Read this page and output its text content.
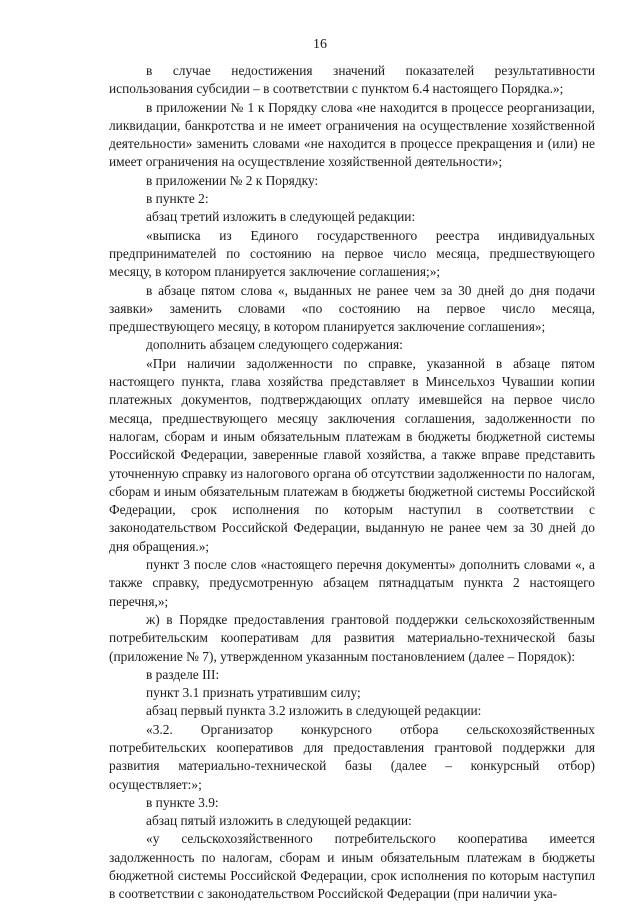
16

в случае недостижения значений показателей результативности использования субсидии – в соответствии с пунктом 6.4 настоящего Порядка.»;

в приложении № 1 к Порядку слова «не находится в процессе реорганизации, ликвидации, банкротства и не имеет ограничения на осуществление хозяйственной деятельности» заменить словами «не находится в процессе прекращения и (или) не имеет ограничения на осуществление хозяйственной деятельности»;

в приложении № 2 к Порядку:

в пункте 2:

абзац третий изложить в следующей редакции:

«выписка из Единого государственного реестра индивидуальных предпринимателей по состоянию на первое число месяца, предшествующего месяцу, в котором планируется заключение соглашения;»;

в абзаце пятом слова «, выданных не ранее чем за 30 дней до дня подачи заявки» заменить словами «по состоянию на первое число месяца, предшествующего месяцу, в котором планируется заключение соглашения»;

дополнить абзацем следующего содержания:

«При наличии задолженности по справке, указанной в абзаце пятом настоящего пункта, глава хозяйства представляет в Минсельхоз Чувашии копии платежных документов, подтверждающих оплату имевшейся на первое число месяца, предшествующего месяцу заключения соглашения, задолженности по налогам, сборам и иным обязательным платежам в бюджеты бюджетной системы Российской Федерации, заверенные главой хозяйства, а также вправе представить уточненную справку из налогового органа об отсутствии задолженности по налогам, сборам и иным обязательным платежам в бюджеты бюджетной системы Российской Федерации, срок исполнения по которым наступил в соответствии с законодательством Российской Федерации, выданную не ранее чем за 30 дней до дня обращения.»;

пункт 3 после слов «настоящего перечня документы» дополнить словами «, а также справку, предусмотренную абзацем пятнадцатым пункта 2 настоящего перечня,»;

ж) в Порядке предоставления грантовой поддержки сельскохозяйственным потребительским кооперативам для развития материально-технической базы (приложение № 7), утвержденном указанным постановлением (далее – Порядок):

в разделе III:

пункт 3.1 признать утратившим силу;

абзац первый пункта 3.2 изложить в следующей редакции:

«3.2. Организатор конкурсного отбора сельскохозяйственных потребительских кооперативов для предоставления грантовой поддержки для развития материально-технической базы (далее – конкурсный отбор) осуществляет:»;

в пункте 3.9:

абзац пятый изложить в следующей редакции:

«у сельскохозяйственного потребительского кооператива имеется задолженность по налогам, сборам и иным обязательным платежам в бюджеты бюджетной системы Российской Федерации, срок исполнения по которым наступил в соответствии с законодательством Российской Федерации (при наличии ука-
